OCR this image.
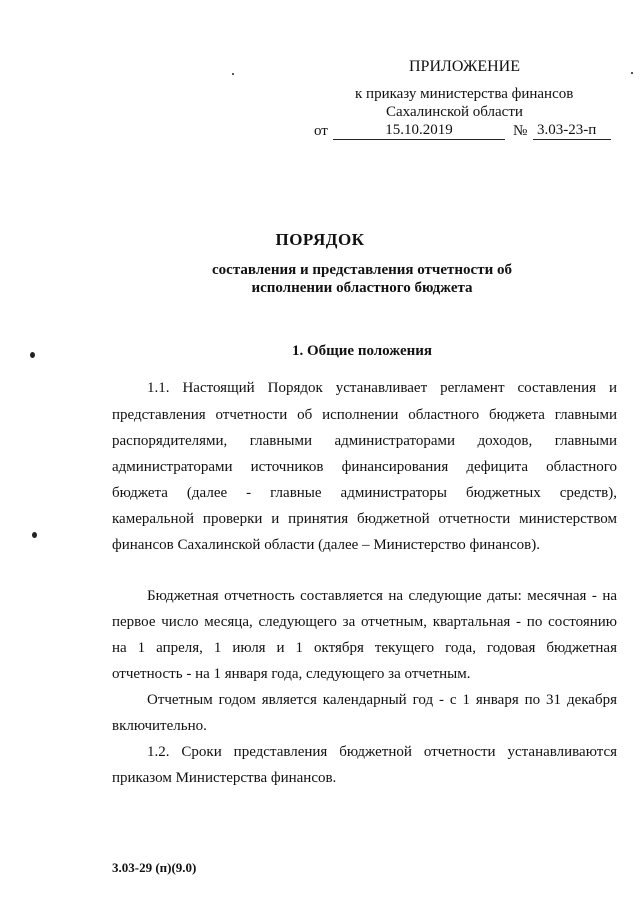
ПРИЛОЖЕНИЕ
к приказу министерства финансов
Сахалинской области
от	15.10.2019	№ 3.03-23-п
ПОРЯДОК
составления и представления отчетности об
исполнении областного бюджета
1. Общие положения
1.1. Настоящий Порядок устанавливает регламент составления и
представления отчетности об исполнении областного бюджета главными
распорядителями, главными администраторами доходов, главными
администраторами источников финансирования дефицита областного
бюджета (далее - главные администраторы бюджетных средств),
камеральной проверки и принятия бюджетной отчетности министерством
финансов Сахалинской области (далее – Министерство финансов).
Бюджетная отчетность составляется на следующие даты: месячная - на
первое число месяца, следующего за отчетным, квартальная - по состоянию
на 1 апреля, 1 июля и 1 октября текущего года, годовая бюджетная
отчетность - на 1 января года, следующего за отчетным.
Отчетным годом является календарный год - с 1 января по 31 декабря
включительно.
1.2. Сроки представления бюджетной отчетности устанавливаются
приказом Министерства финансов.
3.03-29 (п)(9.0)
